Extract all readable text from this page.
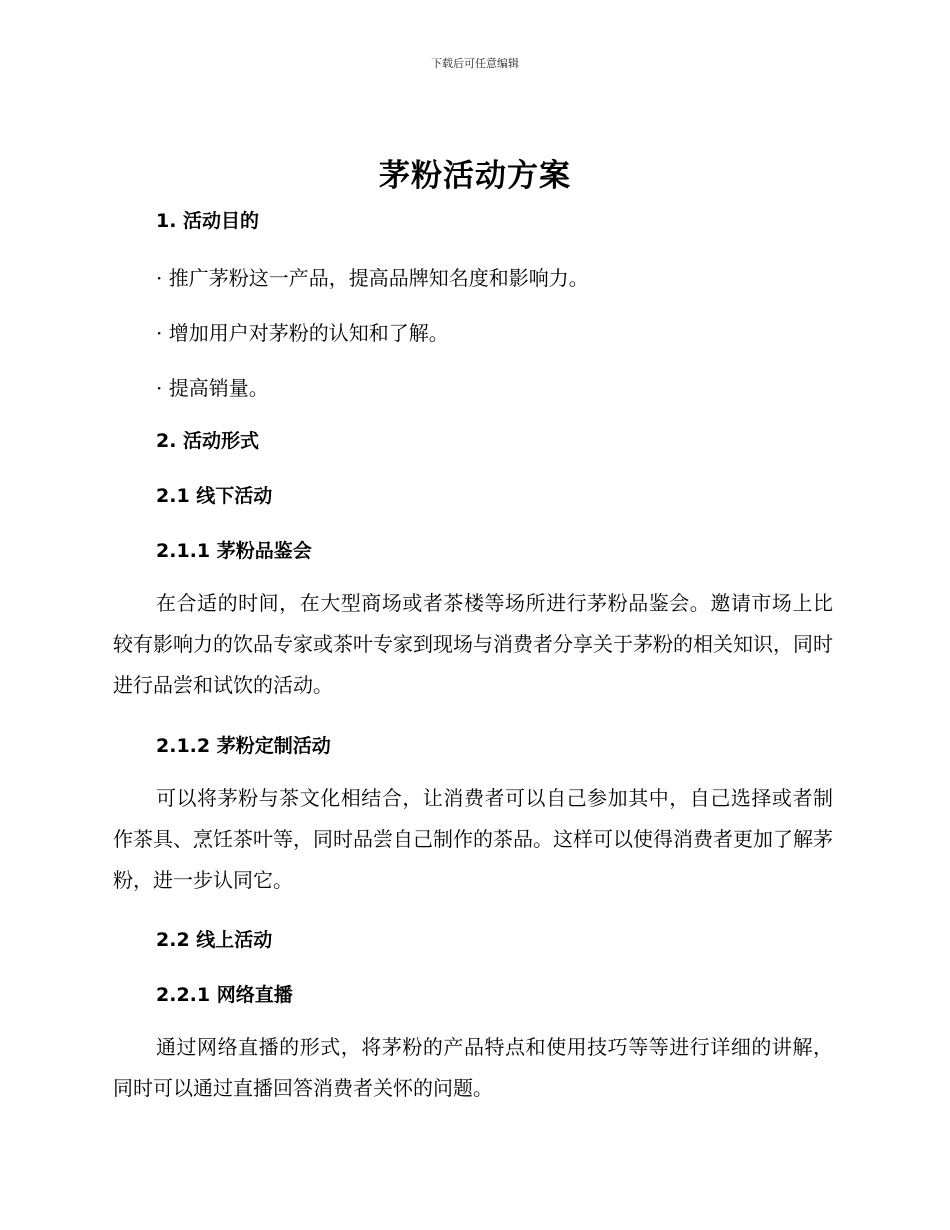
下载后可任意编辑
茅粉活动方案
1. 活动目的
· 推广茅粉这一产品，提高品牌知名度和影响力。
· 增加用户对茅粉的认知和了解。
· 提高销量。
2. 活动形式
2.1 线下活动
2.1.1 茅粉品鉴会
在合适的时间，在大型商场或者茶楼等场所进行茅粉品鉴会。邀请市场上比较有影响力的饮品专家或茶叶专家到现场与消费者分享关于茅粉的相关知识，同时进行品尝和试饮的活动。
2.1.2 茅粉定制活动
可以将茅粉与茶文化相结合，让消费者可以自己参加其中，自己选择或者制作茶具、烹饪茶叶等，同时品尝自己制作的茶品。这样可以使得消费者更加了解茅粉，进一步认同它。
2.2 线上活动
2.2.1 网络直播
通过网络直播的形式，将茅粉的产品特点和使用技巧等等进行详细的讲解，同时可以通过直播回答消费者关怀的问题。
